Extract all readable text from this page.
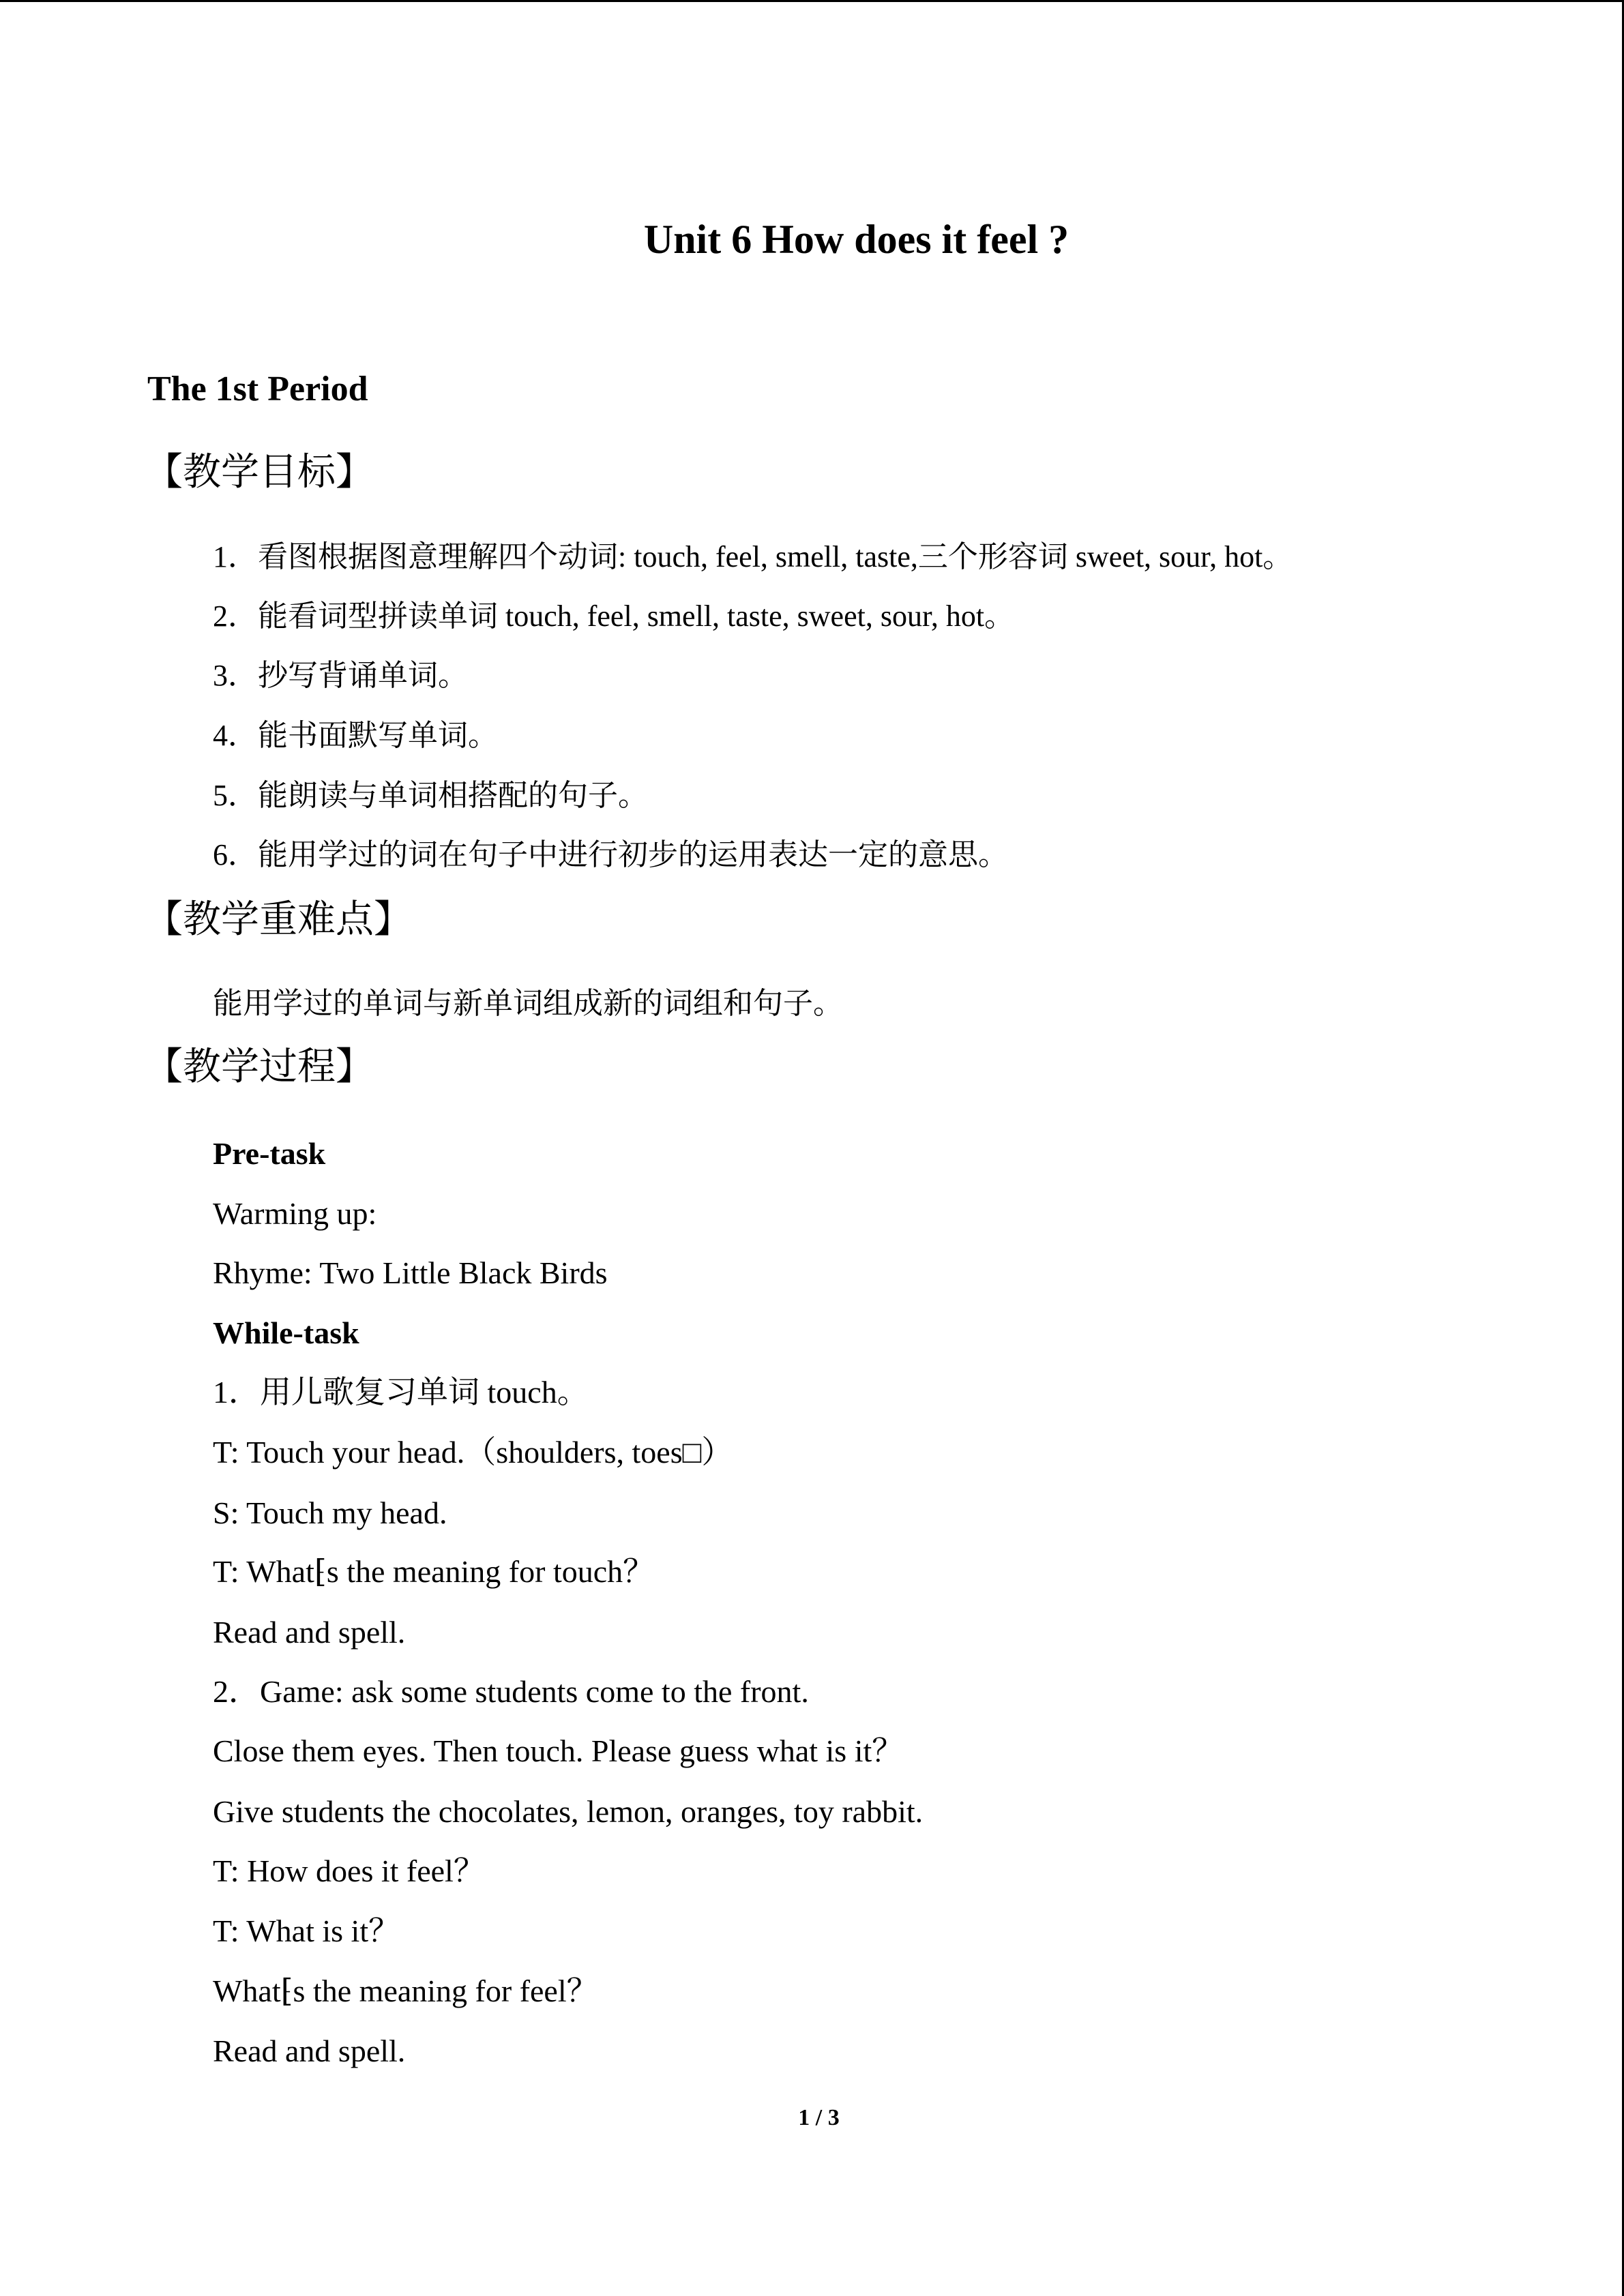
Unit 6 How does it feel ?
The 1st Period
【教学目标】
1．看图根据图意理解四个动词: touch, feel, smell, taste,三个形容词 sweet, sour, hot。
2．能看词型拼读单词 touch, feel, smell, taste, sweet, sour, hot。
3．抄写背诵单词。
4．能书面默写单词。
5．能朗读与单词相搭配的句子。
6．能用学过的词在句子中进行初步的运用表达一定的意思。
【教学重难点】
能用学过的单词与新单词组成新的词组和句子。
【教学过程】
Pre-task
Warming up:
Rhyme: Two Little Black Birds
While-task
1．用儿歌复习单词 touch。
T: Touch your head.（shoulders, toes□）
S: Touch my head.
T: What⁅s the meaning for touch？
Read and spell.
2．Game: ask some students come to the front.
Close them eyes. Then touch. Please guess what is it？
Give students the chocolates, lemon, oranges, toy rabbit.
T: How does it feel？
T: What is it？
What⁅s the meaning for feel？
Read and spell.
1 / 3
